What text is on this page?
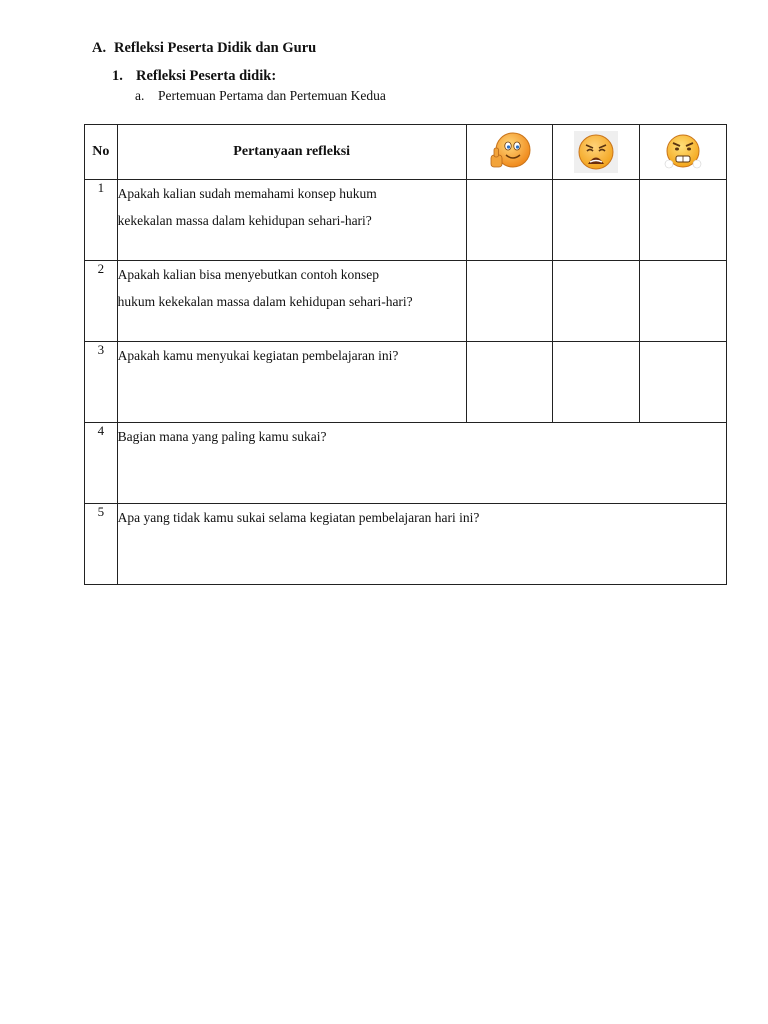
A. Refleksi Peserta Didik dan Guru
1. Refleksi Peserta didik:
a. Pertemuan Pertama dan Pertemuan Kedua
No	Pertanyaan refleksi	

1	Apakah kalian sudah memahami konsep hukum
kekekalan massa dalam kehidupan sehari-hari?			

2	Apakah kalian bisa menyebutkan contoh konsep
hukum kekekalan massa dalam kehidupan sehari-hari?			

3	Apakah kamu menyukai kegiatan pembelajaran ini?			

4	Bagian mana yang paling kamu sukai?			

5	Apa yang tidak kamu sukai selama kegiatan pembelajaran hari ini?			
